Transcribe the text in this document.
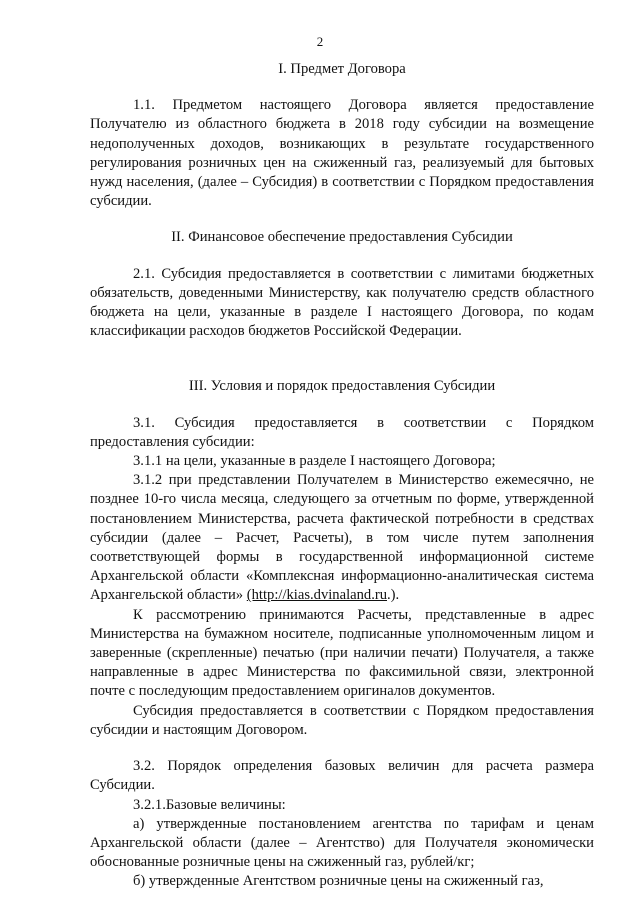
2
I. Предмет Договора

1.1. Предметом настоящего Договора является предоставление Получателю из областного бюджета в 2018 году субсидии на возмещение недополученных доходов, возникающих в результате государственного регулирования розничных цен на сжиженный газ, реализуемый для бытовых нужд населения, (далее – Субсидия) в соответствии с Порядком предоставления субсидии.

II. Финансовое обеспечение предоставления Субсидии

2.1. Субсидия предоставляется в соответствии с лимитами бюджетных обязательств, доведенными Министерству, как получателю средств областного бюджета на цели, указанные в разделе I настоящего Договора, по кодам классификации расходов бюджетов Российской Федерации.

III. Условия и порядок предоставления Субсидии

3.1. Субсидия предоставляется в соответствии с Порядком предоставления субсидии:

3.1.1 на цели, указанные в разделе I настоящего Договора;

3.1.2 при представлении Получателем в Министерство ежемесячно, не позднее 10-го числа месяца, следующего за отчетным по форме, утвержденной постановлением Министерства, расчета фактической потребности в средствах субсидии (далее – Расчет, Расчеты), в том числе путем заполнения соответствующей формы в государственной информационной системе Архангельской области «Комплексная информационно-аналитическая система Архангельской области» (http://kias.dvinaland.ru.).

К рассмотрению принимаются Расчеты, представленные в адрес Министерства на бумажном носителе, подписанные уполномоченным лицом и заверенные (скрепленные) печатью (при наличии печати) Получателя, а также направленные в адрес Министерства по факсимильной связи, электронной почте с последующим предоставлением оригиналов документов.

Субсидия предоставляется в соответствии с Порядком предоставления субсидии и настоящим Договором.

3.2. Порядок определения базовых величин для расчета размера Субсидии.

3.2.1.Базовые величины:

а) утвержденные постановлением агентства по тарифам и ценам Архангельской области (далее – Агентство) для Получателя экономически обоснованные розничные цены на сжиженный газ, рублей/кг;

б) утвержденные Агентством розничные цены на сжиженный газ,
